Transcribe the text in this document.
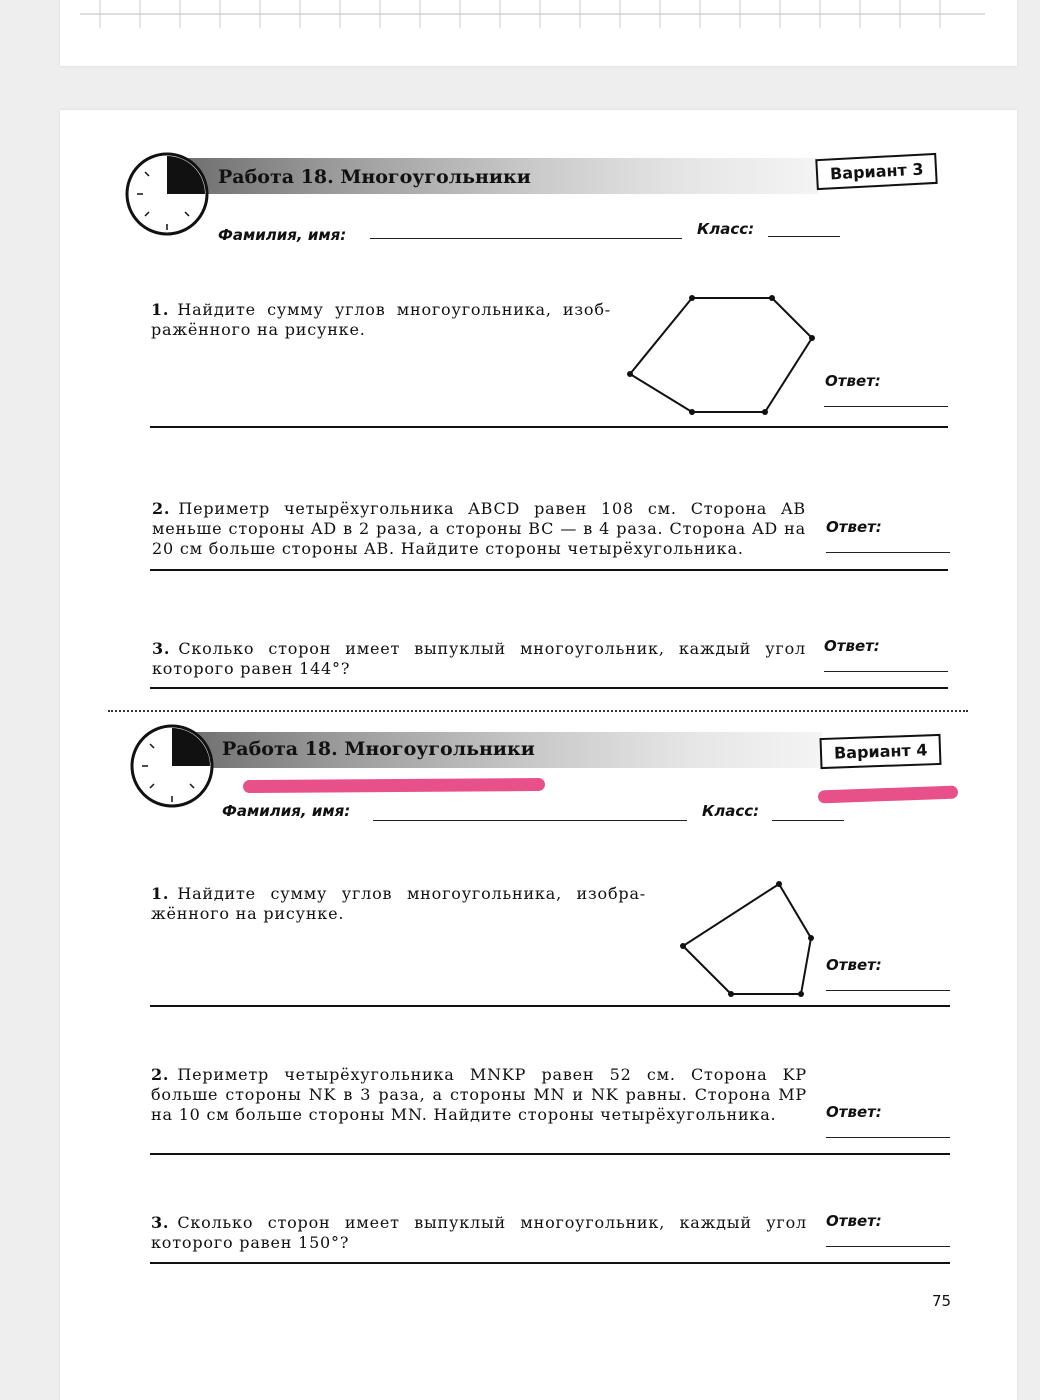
Работа 18. Многоугольники	Вариант 3
Фамилия, имя:	Класс:
1. Найдите сумму углов многоугольника, изоб-ражённого на рисунке.
Ответ:
2. Периметр четырёхугольника ABCD равен 108 см. Сторона AB меньше стороны AD в 2 раза, а стороны BC — в 4 раза. Сторона AD на 20 см больше стороны AB. Найдите стороны четырёхугольника.
Ответ:
3. Сколько сторон имеет выпуклый многоугольник, каждый угол которого равен 144°?
Ответ:
Работа 18. Многоугольники	Вариант 4
Фамилия, имя:	Класс:
1. Найдите сумму углов многоугольника, изобра-жённого на рисунке.
Ответ:
2. Периметр четырёхугольника MNKP равен 52 см. Сторона KP больше стороны NK в 3 раза, а стороны MN и NK равны. Сторона MP на 10 см больше стороны MN. Найдите стороны четырёхугольника.	Ответ:
3. Сколько сторон имеет выпуклый многоугольник, каждый угол которого равен 150°?
Ответ:
75
